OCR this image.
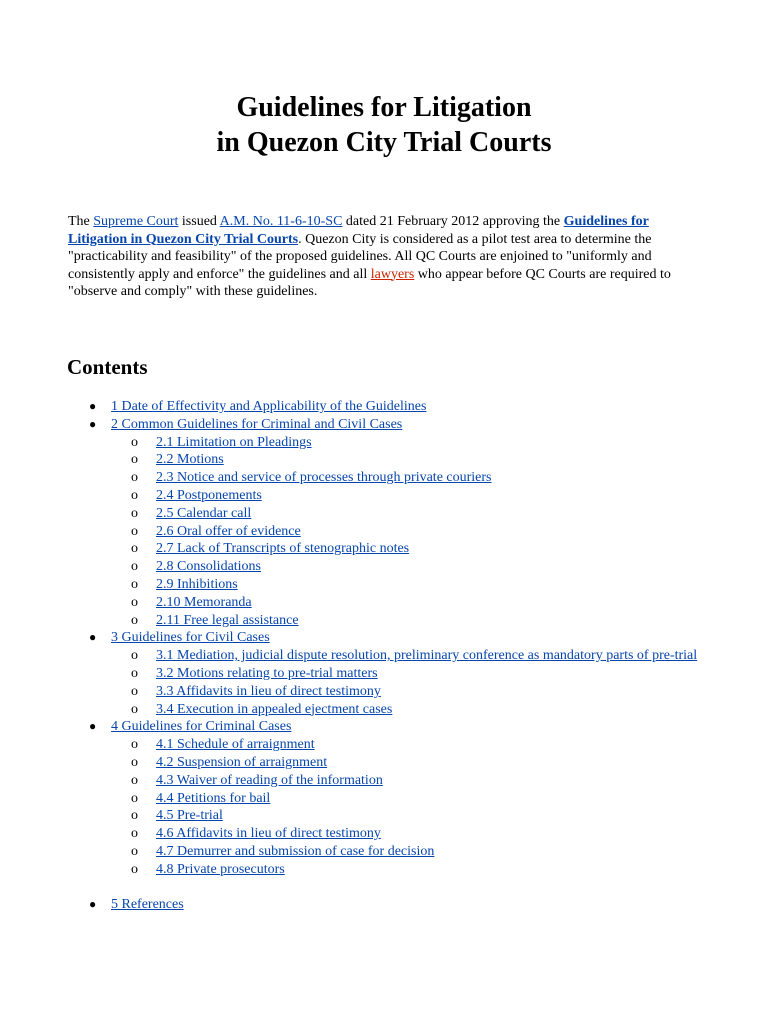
Guidelines for Litigation
in Quezon City Trial Courts

The Supreme Court issued A.M. No. 11-6-10-SC dated 21 February 2012 approving the Guidelines for Litigation in Quezon City Trial Courts. Quezon City is considered as a pilot test area to determine the "practicability and feasibility" of the proposed guidelines. All QC Courts are enjoined to "uniformly and consistently apply and enforce" the guidelines and all lawyers who appear before QC Courts are required to "observe and comply" with these guidelines.

Contents
● 1 Date of Effectivity and Applicability of the Guidelines
● 2 Common Guidelines for Criminal and Civil Cases
o 2.1 Limitation on Pleadings
o 2.2 Motions
o 2.3 Notice and service of processes through private couriers
o 2.4 Postponements
o 2.5 Calendar call
o 2.6 Oral offer of evidence
o 2.7 Lack of Transcripts of stenographic notes
o 2.8 Consolidations
o 2.9 Inhibitions
o 2.10 Memoranda
o 2.11 Free legal assistance
● 3 Guidelines for Civil Cases
o 3.1 Mediation, judicial dispute resolution, preliminary conference as mandatory parts of pre-trial
o 3.2 Motions relating to pre-trial matters
o 3.3 Affidavits in lieu of direct testimony
o 3.4 Execution in appealed ejectment cases
● 4 Guidelines for Criminal Cases
o 4.1 Schedule of arraignment
o 4.2 Suspension of arraignment
o 4.3 Waiver of reading of the information
o 4.4 Petitions for bail
o 4.5 Pre-trial
o 4.6 Affidavits in lieu of direct testimony
o 4.7 Demurrer and submission of case for decision
o 4.8 Private prosecutors
● 5 References
